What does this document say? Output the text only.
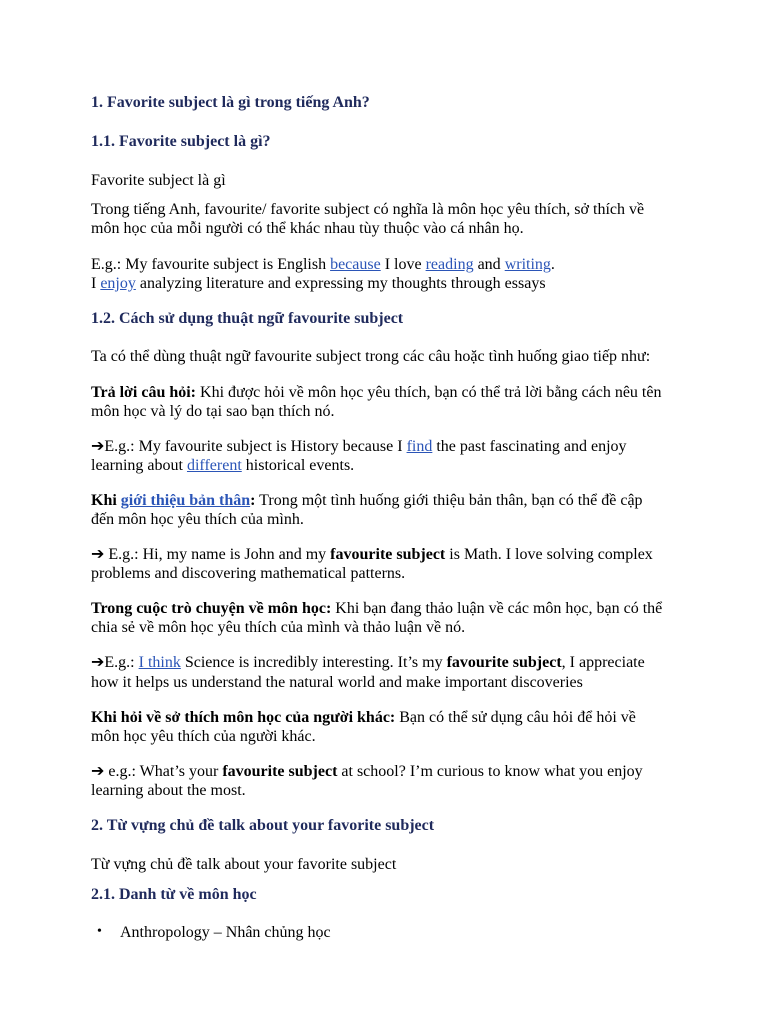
1. Favorite subject là gì trong tiếng Anh?
1.1. Favorite subject là gì?
Favorite subject là gì
Trong tiếng Anh, favourite/ favorite subject có nghĩa là môn học yêu thích, sở thích về
môn học của mỗi người có thể khác nhau tùy thuộc vào cá nhân họ.
E.g.: My favourite subject is English because I love reading and writing.
I enjoy analyzing literature and expressing my thoughts through essays
1.2. Cách sử dụng thuật ngữ favourite subject
Ta có thể dùng thuật ngữ favourite subject trong các câu hoặc tình huống giao tiếp như:
Trả lời câu hỏi: Khi được hỏi về môn học yêu thích, bạn có thể trả lời bằng cách nêu tên
môn học và lý do tại sao bạn thích nó.
➔E.g.: My favourite subject is History because I find the past fascinating and enjoy
learning about different historical events.
Khi giới thiệu bản thân: Trong một tình huống giới thiệu bản thân, bạn có thể đề cập
đến môn học yêu thích của mình.
➔ E.g.: Hi, my name is John and my favourite subject is Math. I love solving complex
problems and discovering mathematical patterns.
Trong cuộc trò chuyện về môn học: Khi bạn đang thảo luận về các môn học, bạn có thể
chia sẻ về môn học yêu thích của mình và thảo luận về nó.
➔E.g.: I think Science is incredibly interesting. It’s my favourite subject, I appreciate
how it helps us understand the natural world and make important discoveries
Khi hỏi về sở thích môn học của người khác: Bạn có thể sử dụng câu hỏi để hỏi về
môn học yêu thích của người khác.
➔ e.g.: What’s your favourite subject at school? I’m curious to know what you enjoy
learning about the most.
2. Từ vựng chủ đề talk about your favorite subject
Từ vựng chủ đề talk about your favorite subject
2.1. Danh từ về môn học
• Anthropology – Nhân chủng học
